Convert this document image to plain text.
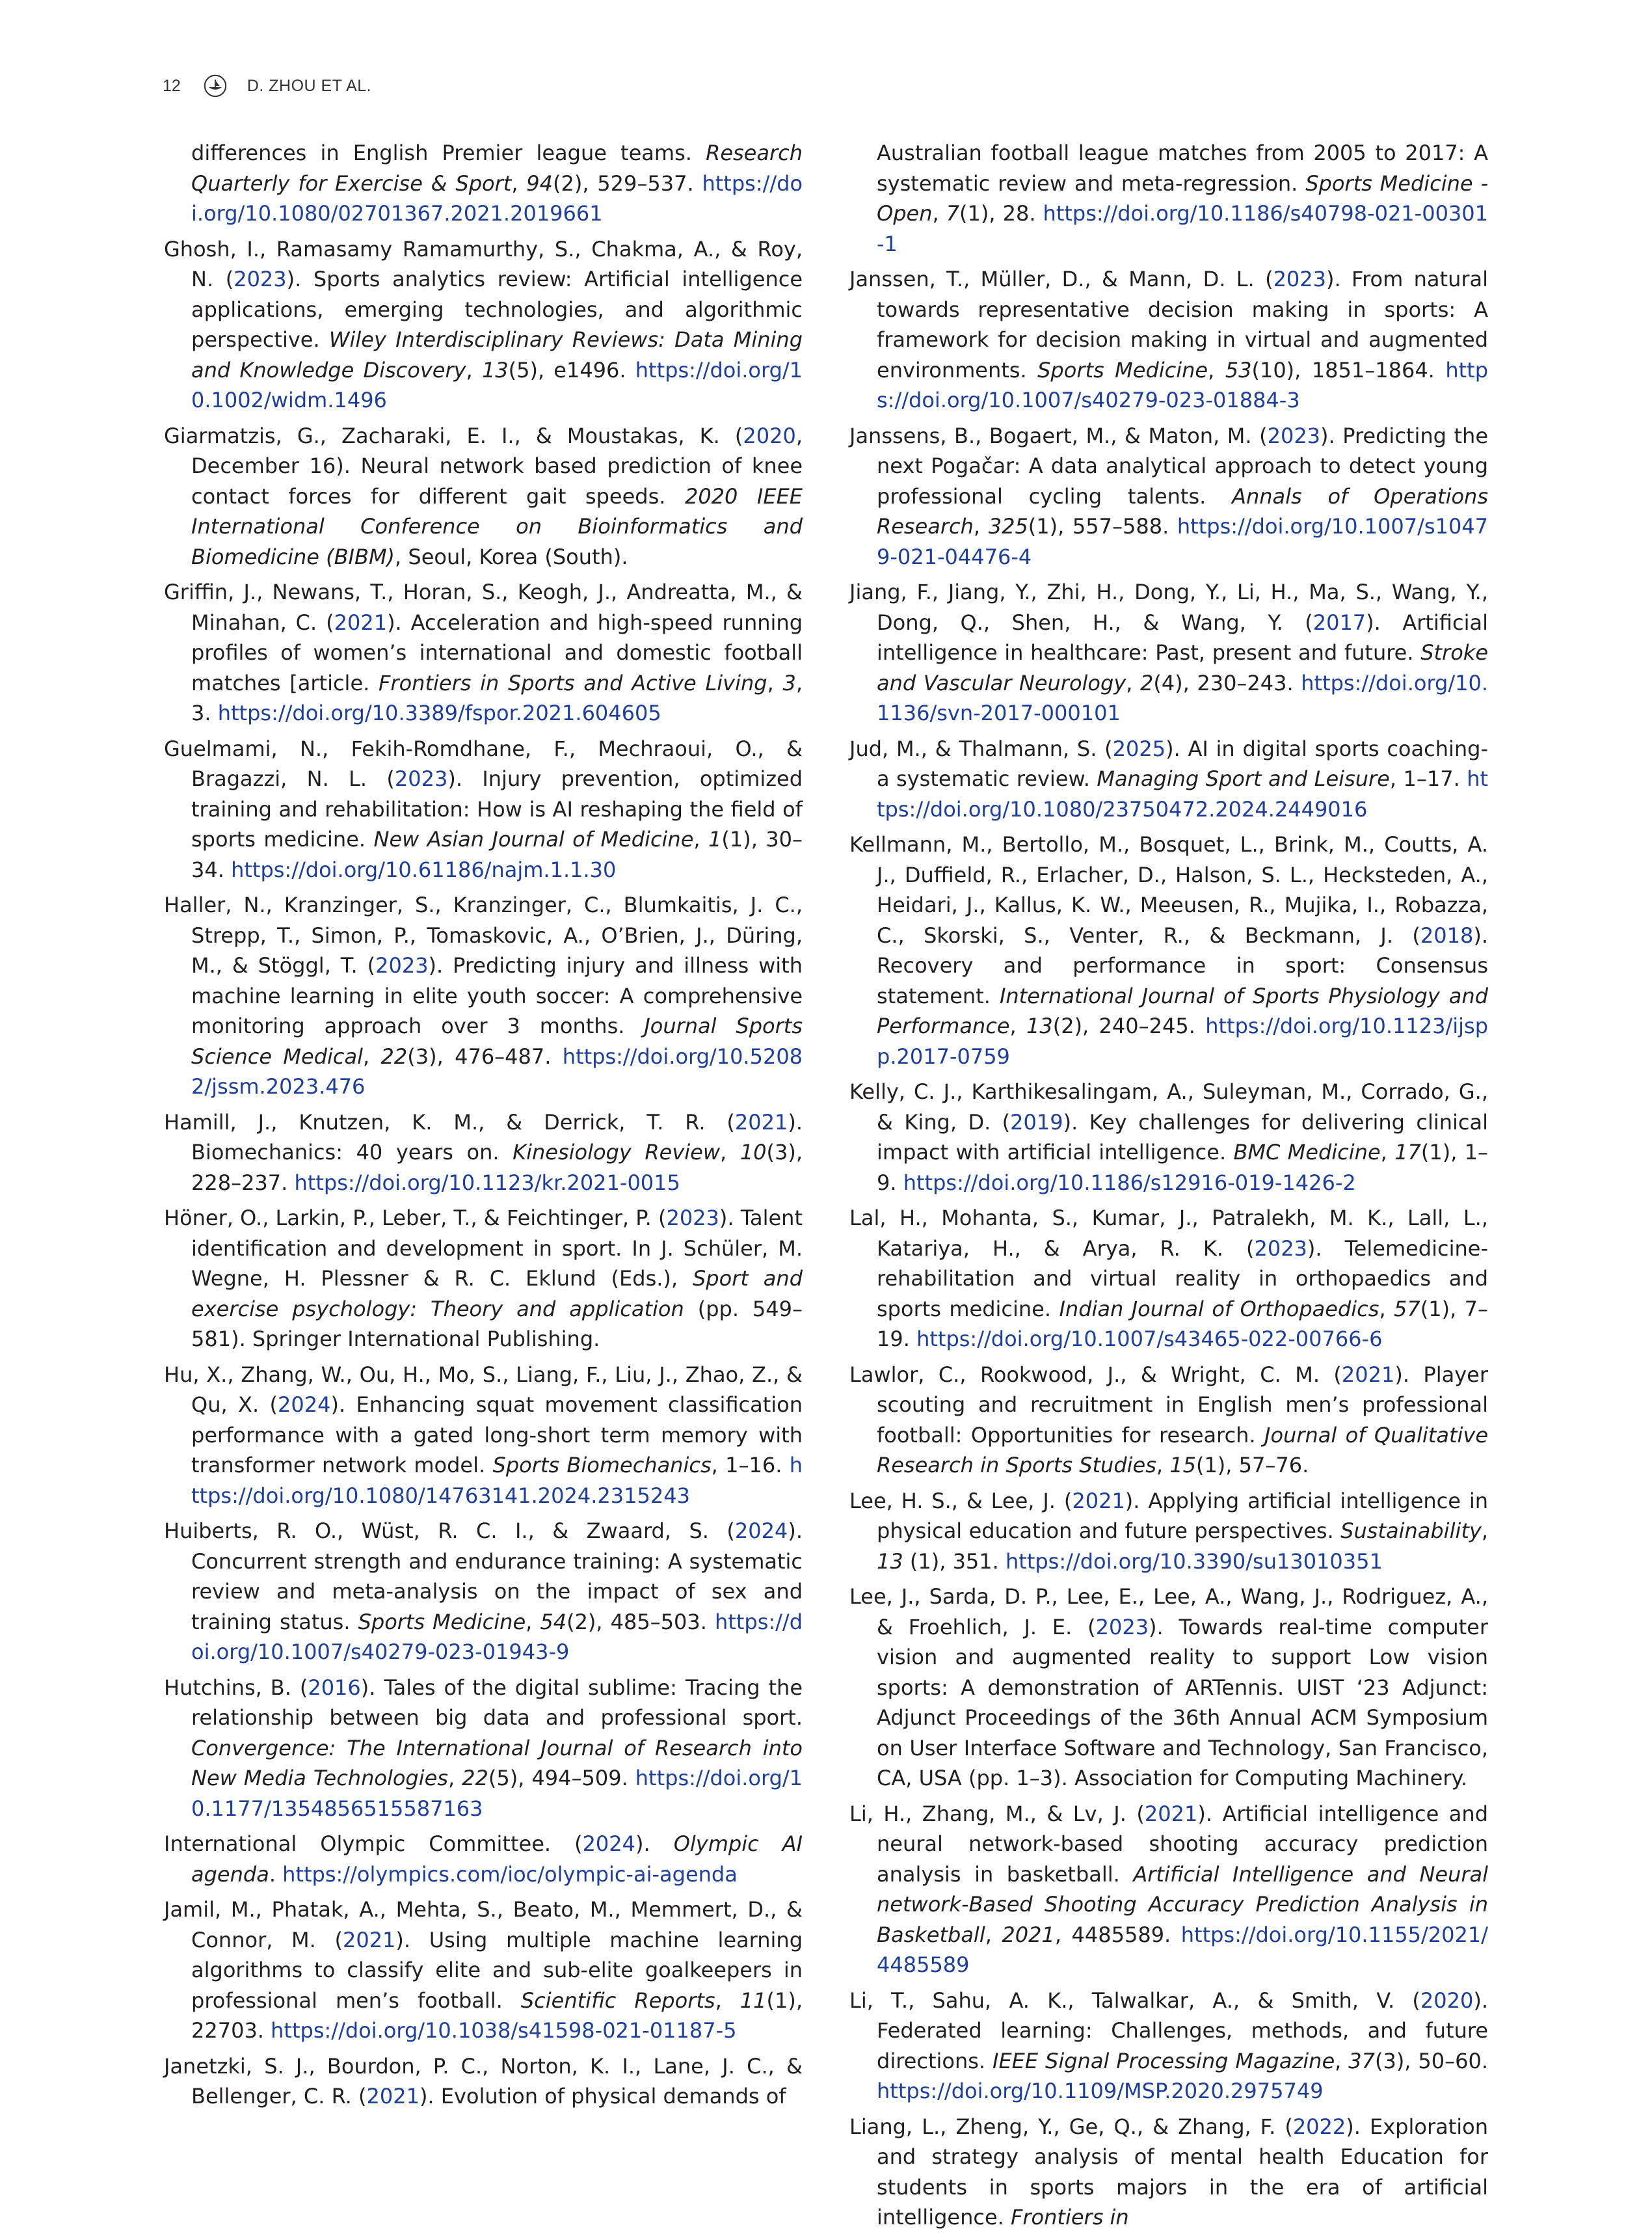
12	D. ZHOU ET AL.

differences in English Premier league teams. Research Quarterly for Exercise & Sport, 94(2), 529–537. https://doi.org/10.1080/02701367.2021.2019661

Ghosh, I., Ramasamy Ramamurthy, S., Chakma, A., & Roy, N. (2023). Sports analytics review: Artificial intelligence applications, emerging technologies, and algorithmic perspective. Wiley Interdisciplinary Reviews: Data Mining and Knowledge Discovery, 13(5), e1496. https://doi.org/10.1002/widm.1496

Giarmatzis, G., Zacharaki, E. I., & Moustakas, K. (2020, December 16). Neural network based prediction of knee contact forces for different gait speeds. 2020 IEEE International Conference on Bioinformatics and Biomedicine (BIBM), Seoul, Korea (South).

Griffin, J., Newans, T., Horan, S., Keogh, J., Andreatta, M., & Minahan, C. (2021). Acceleration and high-speed running profiles of women’s international and domestic football matches [article. Frontiers in Sports and Active Living, 3, 3. https://doi.org/10.3389/fspor.2021.604605

Guelmami, N., Fekih-Romdhane, F., Mechraoui, O., & Bragazzi, N. L. (2023). Injury prevention, optimized training and rehabilitation: How is AI reshaping the field of sports medicine. New Asian Journal of Medicine, 1(1), 30–34. https://doi.org/10.61186/najm.1.1.30

Haller, N., Kranzinger, S., Kranzinger, C., Blumkaitis, J. C., Strepp, T., Simon, P., Tomaskovic, A., O’Brien, J., Düring, M., & Stöggl, T. (2023). Predicting injury and illness with machine learning in elite youth soccer: A comprehensive monitoring approach over 3 months. Journal Sports Science Medical, 22(3), 476–487. https://doi.org/10.52082/jssm.2023.476

Hamill, J., Knutzen, K. M., & Derrick, T. R. (2021). Biomechanics: 40 years on. Kinesiology Review, 10(3), 228–237. https://doi.org/10.1123/kr.2021-0015

Höner, O., Larkin, P., Leber, T., & Feichtinger, P. (2023). Talent identification and development in sport. In J. Schüler, M. Wegne, H. Plessner & R. C. Eklund (Eds.), Sport and exercise psychology: Theory and application (pp. 549–581). Springer International Publishing.

Hu, X., Zhang, W., Ou, H., Mo, S., Liang, F., Liu, J., Zhao, Z., & Qu, X. (2024). Enhancing squat movement classification performance with a gated long-short term memory with transformer network model. Sports Biomechanics, 1–16. https://doi.org/10.1080/14763141.2024.2315243

Huiberts, R. O., Wüst, R. C. I., & Zwaard, S. (2024). Concurrent strength and endurance training: A systematic review and meta-analysis on the impact of sex and training status. Sports Medicine, 54(2), 485–503. https://doi.org/10.1007/s40279-023-01943-9

Hutchins, B. (2016). Tales of the digital sublime: Tracing the relationship between big data and professional sport. Convergence: The International Journal of Research into New Media Technologies, 22(5), 494–509. https://doi.org/10.1177/1354856515587163

International Olympic Committee. (2024). Olympic AI agenda. https://olympics.com/ioc/olympic-ai-agenda

Jamil, M., Phatak, A., Mehta, S., Beato, M., Memmert, D., & Connor, M. (2021). Using multiple machine learning algorithms to classify elite and sub-elite goalkeepers in professional men’s football. Scientific Reports, 11(1), 22703. https://doi.org/10.1038/s41598-021-01187-5

Janetzki, S. J., Bourdon, P. C., Norton, K. I., Lane, J. C., & Bellenger, C. R. (2021). Evolution of physical demands of

Australian football league matches from 2005 to 2017: A systematic review and meta-regression. Sports Medicine - Open, 7(1), 28. https://doi.org/10.1186/s40798-021-00301-1

Janssen, T., Müller, D., & Mann, D. L. (2023). From natural towards representative decision making in sports: A framework for decision making in virtual and augmented environments. Sports Medicine, 53(10), 1851–1864. https://doi.org/10.1007/s40279-023-01884-3

Janssens, B., Bogaert, M., & Maton, M. (2023). Predicting the next Pogačar: A data analytical approach to detect young professional cycling talents. Annals of Operations Research, 325(1), 557–588. https://doi.org/10.1007/s10479-021-04476-4

Jiang, F., Jiang, Y., Zhi, H., Dong, Y., Li, H., Ma, S., Wang, Y., Dong, Q., Shen, H., & Wang, Y. (2017). Artificial intelligence in healthcare: Past, present and future. Stroke and Vascular Neurology, 2(4), 230–243. https://doi.org/10.1136/svn-2017-000101

Jud, M., & Thalmann, S. (2025). AI in digital sports coaching-a systematic review. Managing Sport and Leisure, 1–17. https://doi.org/10.1080/23750472.2024.2449016

Kellmann, M., Bertollo, M., Bosquet, L., Brink, M., Coutts, A. J., Duffield, R., Erlacher, D., Halson, S. L., Hecksteden, A., Heidari, J., Kallus, K. W., Meeusen, R., Mujika, I., Robazza, C., Skorski, S., Venter, R., & Beckmann, J. (2018). Recovery and performance in sport: Consensus statement. International Journal of Sports Physiology and Performance, 13(2), 240–245. https://doi.org/10.1123/ijspp.2017-0759

Kelly, C. J., Karthikesalingam, A., Suleyman, M., Corrado, G., & King, D. (2019). Key challenges for delivering clinical impact with artificial intelligence. BMC Medicine, 17(1), 1–9. https://doi.org/10.1186/s12916-019-1426-2

Lal, H., Mohanta, S., Kumar, J., Patralekh, M. K., Lall, L., Katariya, H., & Arya, R. K. (2023). Telemedicine-rehabilitation and virtual reality in orthopaedics and sports medicine. Indian Journal of Orthopaedics, 57(1), 7–19. https://doi.org/10.1007/s43465-022-00766-6

Lawlor, C., Rookwood, J., & Wright, C. M. (2021). Player scouting and recruitment in English men’s professional football: Opportunities for research. Journal of Qualitative Research in Sports Studies, 15(1), 57–76.

Lee, H. S., & Lee, J. (2021). Applying artificial intelligence in physical education and future perspectives. Sustainability, 13 (1), 351. https://doi.org/10.3390/su13010351

Lee, J., Sarda, D. P., Lee, E., Lee, A., Wang, J., Rodriguez, A., & Froehlich, J. E. (2023). Towards real-time computer vision and augmented reality to support Low vision sports: A demonstration of ARTennis. UIST ‘23 Adjunct: Adjunct Proceedings of the 36th Annual ACM Symposium on User Interface Software and Technology, San Francisco, CA, USA (pp. 1–3). Association for Computing Machinery.

Li, H., Zhang, M., & Lv, J. (2021). Artificial intelligence and neural network-based shooting accuracy prediction analysis in basketball. Artificial Intelligence and Neural network-Based Shooting Accuracy Prediction Analysis in Basketball, 2021, 4485589. https://doi.org/10.1155/2021/4485589

Li, T., Sahu, A. K., Talwalkar, A., & Smith, V. (2020). Federated learning: Challenges, methods, and future directions. IEEE Signal Processing Magazine, 37(3), 50–60. https://doi.org/10.1109/MSP.2020.2975749

Liang, L., Zheng, Y., Ge, Q., & Zhang, F. (2022). Exploration and strategy analysis of mental health Education for students in sports majors in the era of artificial intelligence. Frontiers in
